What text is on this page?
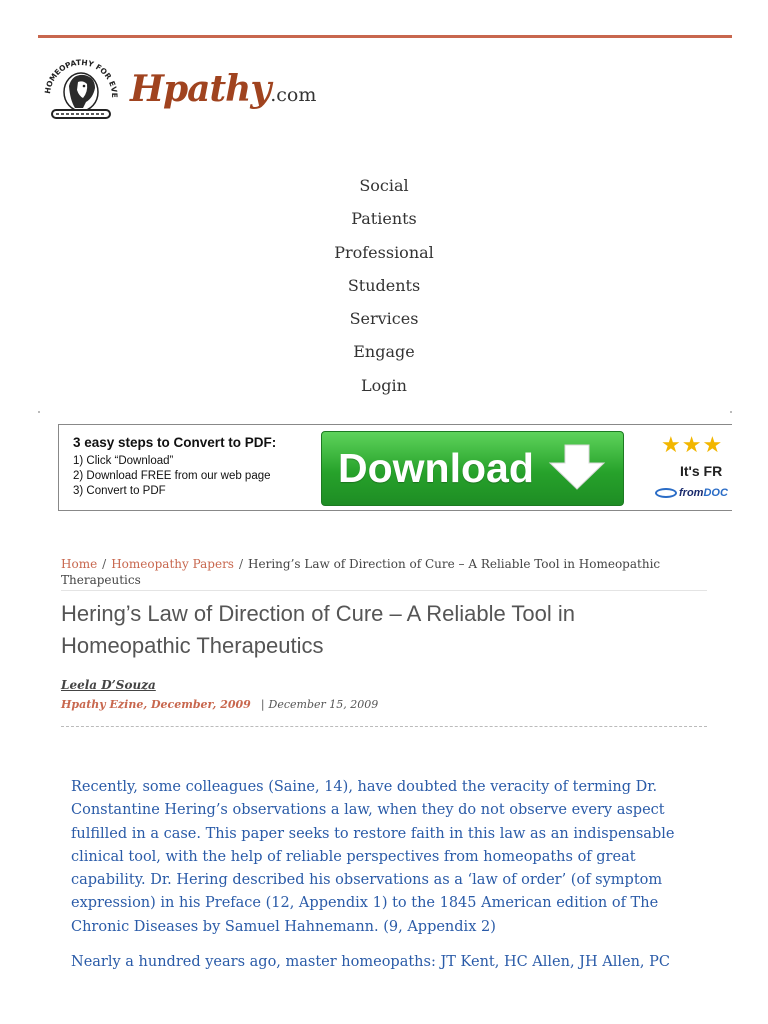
HOMEOPATHY FOR EVE Hpathy.com
Social
Patients
Professional
Students
Services
Engage
Login
3 easy steps to Convert to PDF:
1) Click “Download”
2) Download FREE from our web page
3) Convert to PDF	Download	★★★
It's FR
fromDOC
Home / Homeopathy Papers / Hering’s Law of Direction of Cure – A Reliable Tool in Homeopathic Therapeutics
Hering’s Law of Direction of Cure – A Reliable Tool in Homeopathic Therapeutics
Leela D’Souza
Hpathy Ezine, December, 2009 | December 15, 2009

Recently, some colleagues (Saine, 14), have doubted the veracity of terming Dr. Constantine Hering’s observations a law, when they do not observe every aspect fulfilled in a case. This paper seeks to restore faith in this law as an indispensable clinical tool, with the help of reliable perspectives from homeopaths of great capability. Dr. Hering described his observations as a ‘law of order’ (of symptom expression) in his Preface (12, Appendix 1) to the 1845 American edition of The Chronic Diseases by Samuel Hahnemann. (9, Appendix 2)

Nearly a hundred years ago, master homeopaths: JT Kent, HC Allen, JH Allen, PC
